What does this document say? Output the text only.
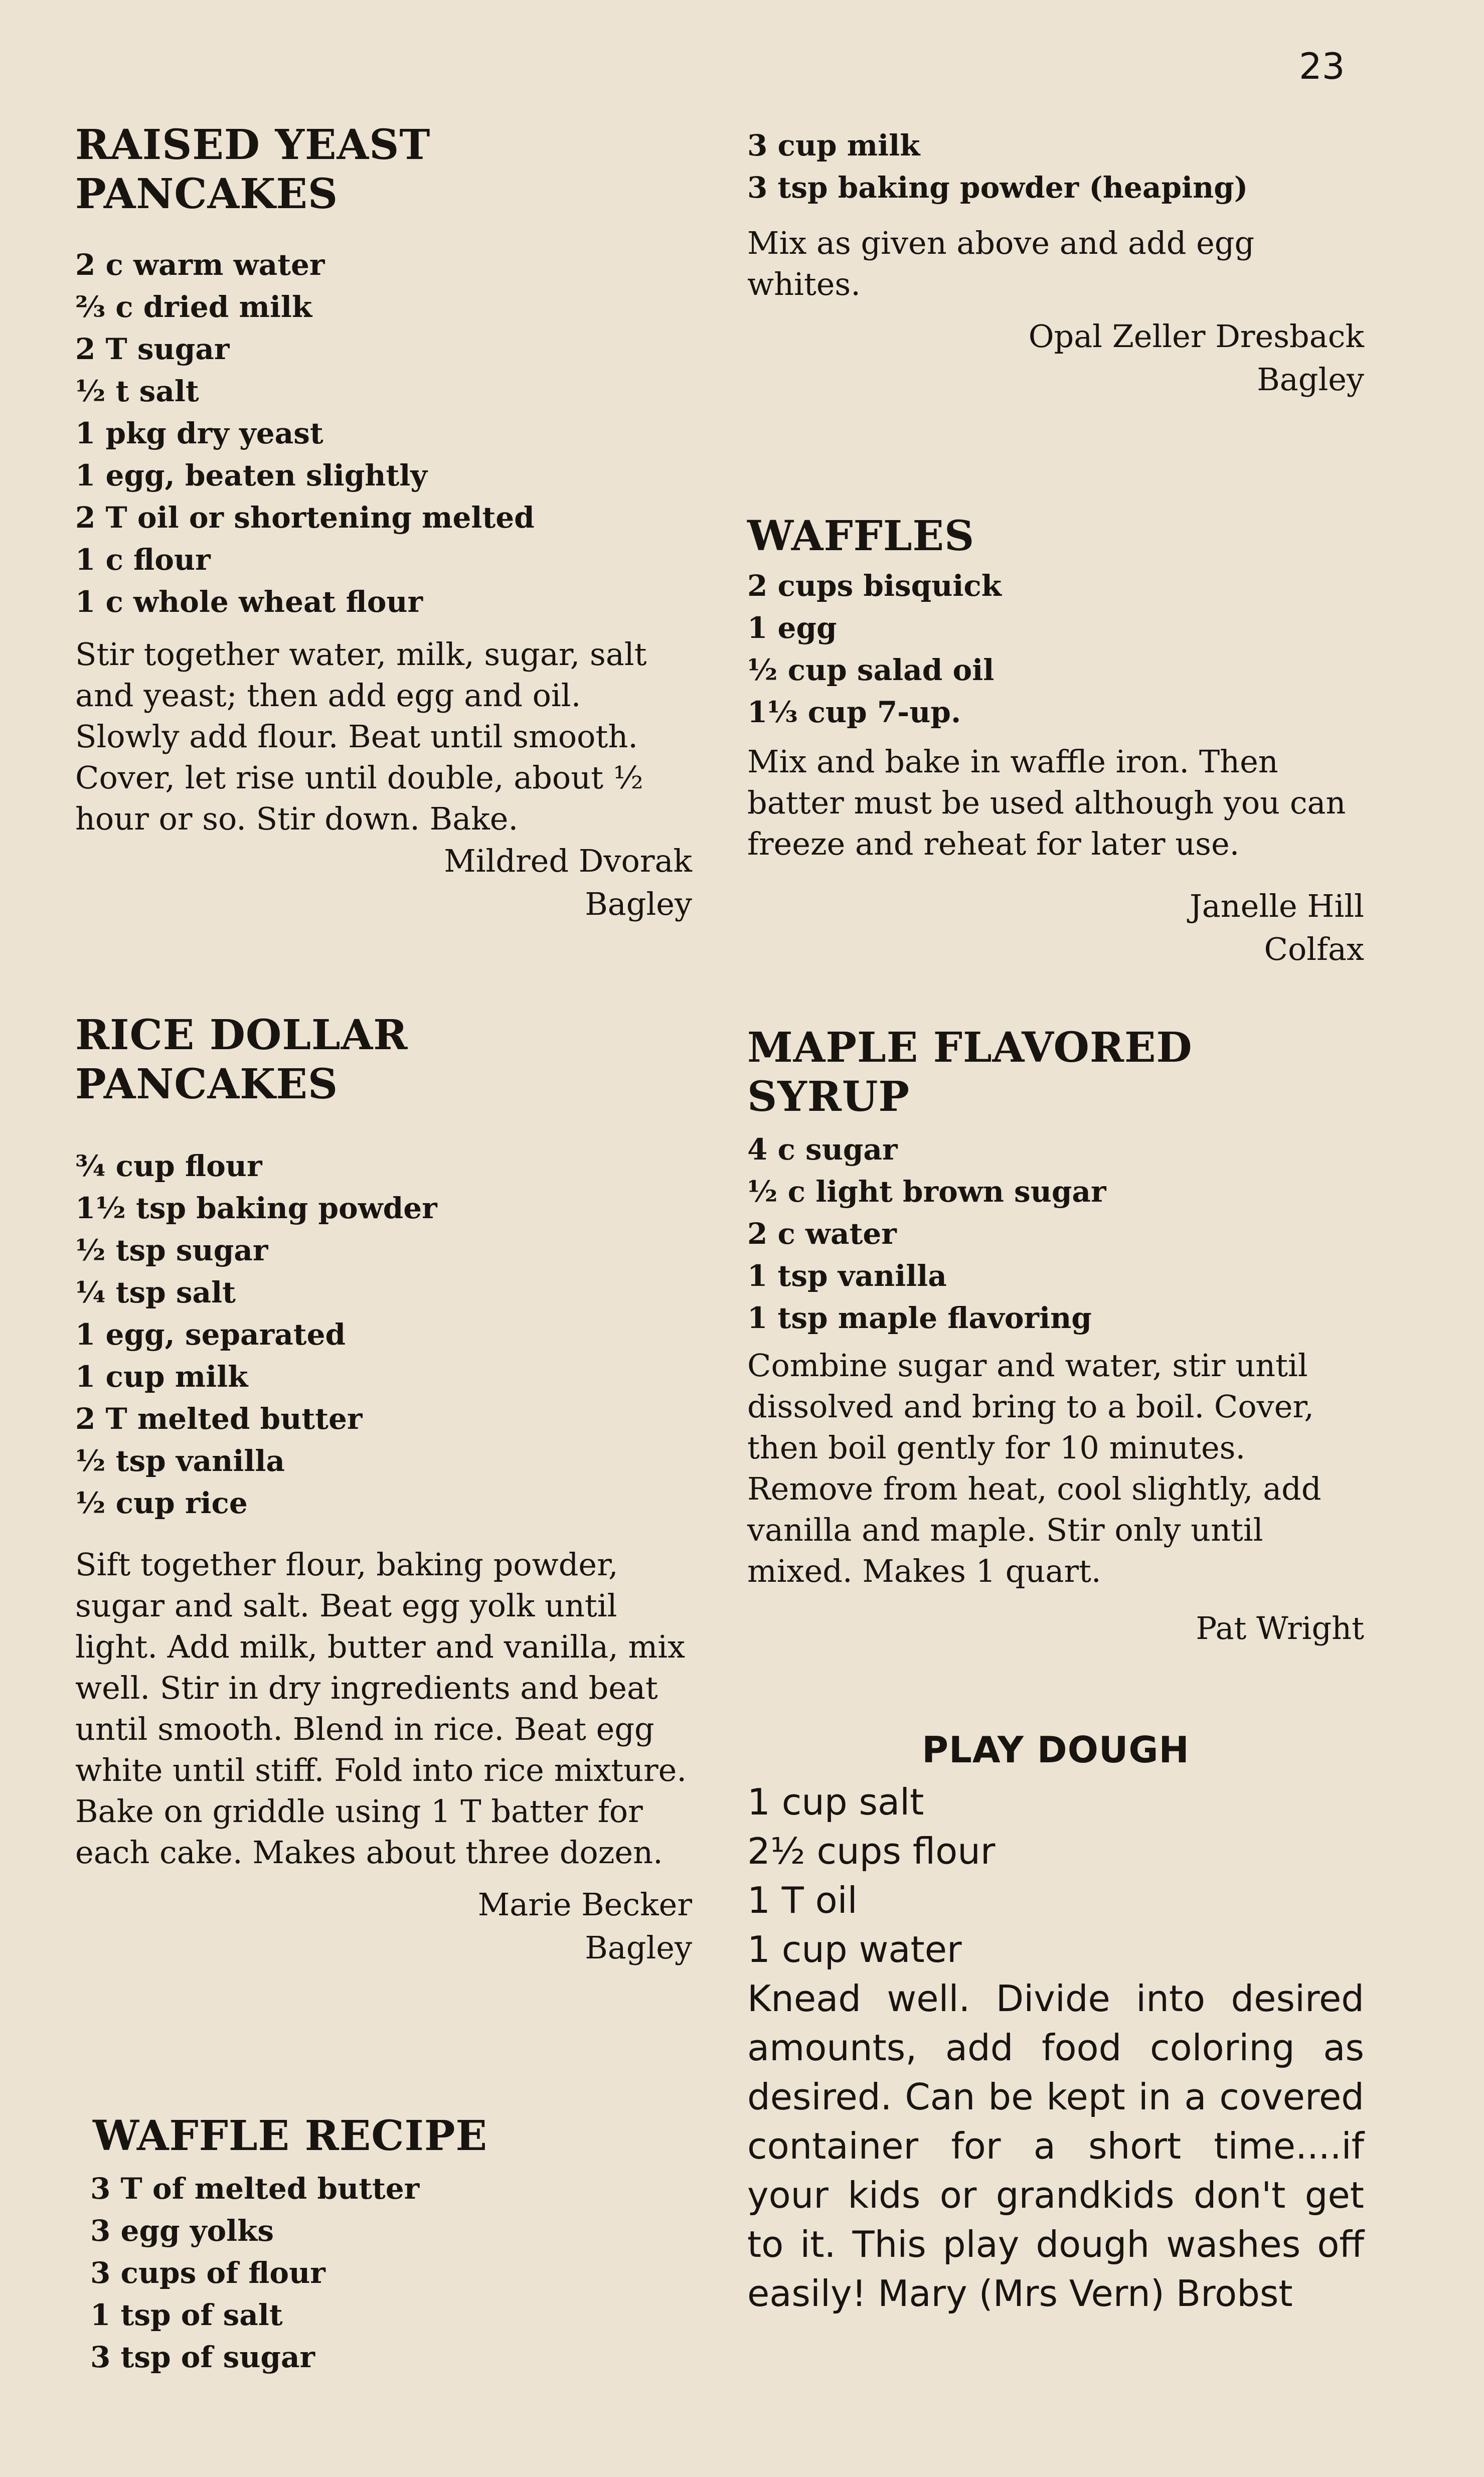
23
RAISED YEAST
PANCAKES
2 c warm water
⅔ c dried milk
2 T sugar
½ t salt
1 pkg dry yeast
1 egg, beaten slightly
2 T oil or shortening melted
1 c flour
1 c whole wheat flour

Stir together water, milk, sugar, salt and yeast; then add egg and oil. Slowly add flour. Beat until smooth. Cover, let rise until double, about ½ hour or so. Stir down. Bake.

Mildred Dvorak
Bagley

RICE DOLLAR
PANCAKES
¾ cup flour
1½ tsp baking powder
½ tsp sugar
¼ tsp salt
1 egg, separated
1 cup milk
2 T melted butter
½ tsp vanilla
½ cup rice

Sift together flour, baking powder, sugar and salt. Beat egg yolk until light. Add milk, butter and vanilla, mix well. Stir in dry ingredients and beat until smooth. Blend in rice. Beat egg white until stiff. Fold into rice mixture. Bake on griddle using 1 T batter for each cake. Makes about three dozen.

Marie Becker
Bagley

WAFFLE RECIPE
3 T of melted butter
3 egg yolks
3 cups of flour
1 tsp of salt
3 tsp of sugar
3 cup milk
3 tsp baking powder (heaping)

Mix as given above and add egg whites.

Opal Zeller Dresback
Bagley

WAFFLES
2 cups bisquick
1 egg
½ cup salad oil
1⅓ cup 7-up.

Mix and bake in waffle iron. Then batter must be used although you can freeze and reheat for later use.

Janelle Hill
Colfax

MAPLE FLAVORED
SYRUP
4 c sugar
½ c light brown sugar
2 c water
1 tsp vanilla
1 tsp maple flavoring

Combine sugar and water, stir until dissolved and bring to a boil. Cover, then boil gently for 10 minutes. Remove from heat, cool slightly, add vanilla and maple. Stir only until mixed. Makes 1 quart.

Pat Wright

PLAY DOUGH
1 cup salt
2½ cups flour
1 T oil
1 cup water

Knead well. Divide into desired amounts, add food coloring as desired. Can be kept in a covered container for a short time....if your kids or grandkids don't get to it. This play dough washes off easily! Mary (Mrs Vern) Brobst
